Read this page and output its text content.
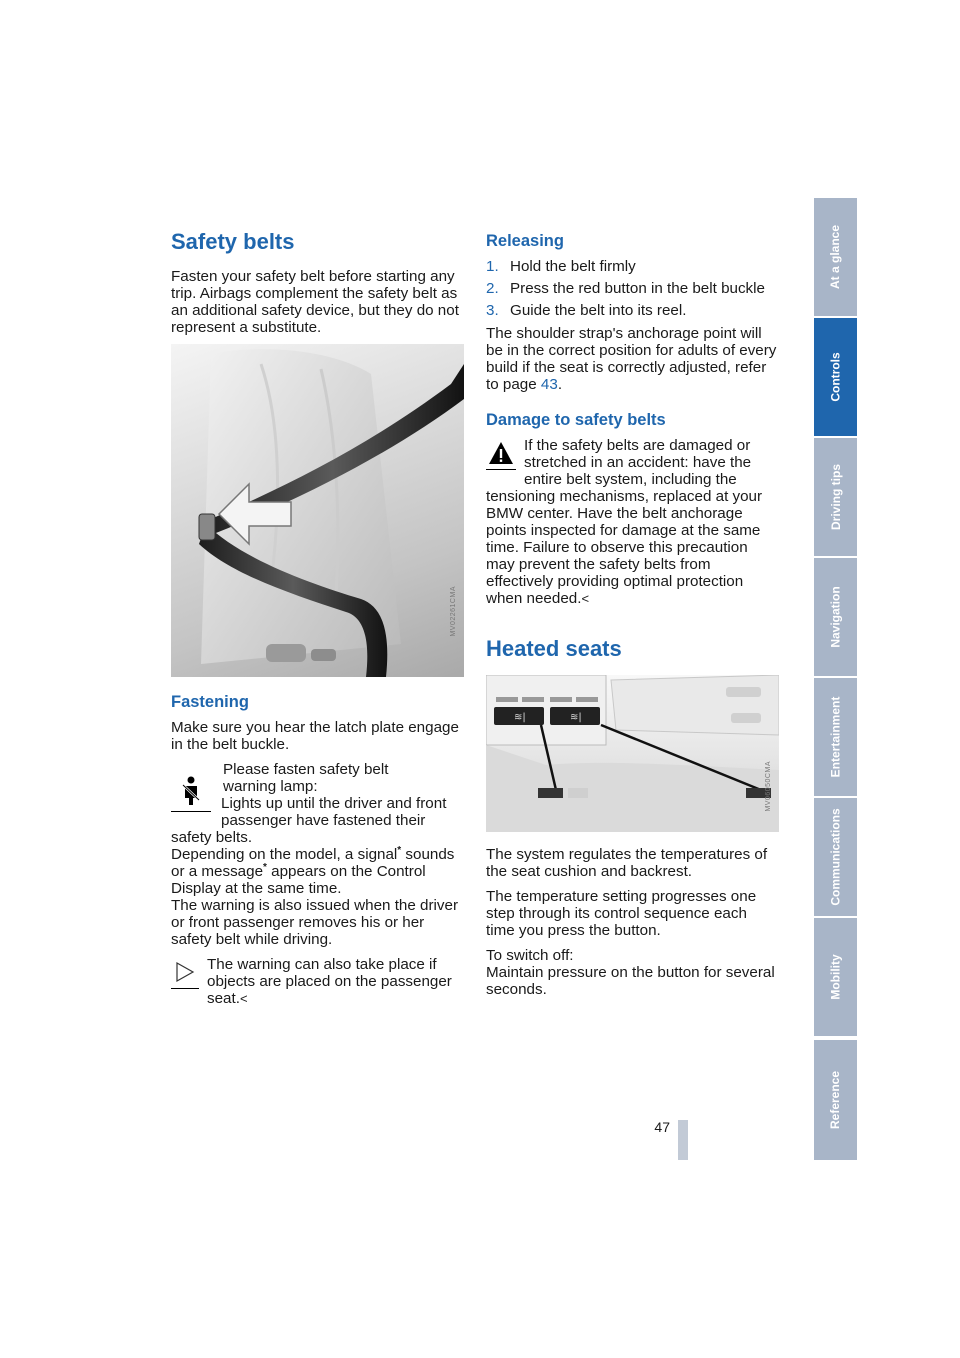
Safety belts

Fasten your safety belt before starting any trip. Airbags complement the safety belt as an additional safety device, but they do not represent a substitute.

MV02261CMA
Fastening

Make sure you hear the latch plate engage in the belt buckle.

Please fasten safety belt
warning lamp:
Lights up until the driver and front passenger have fastened their safety belts.
Depending on the model, a signal* sounds or a message* appears on the Control Display at the same time.
The warning is also issued when the driver or front passenger removes his or her safety belt while driving.
The warning can also take place if objects are placed on the passenger seat.<
Releasing
1. Hold the belt firmly
2. Press the red button in the belt buckle
3. Guide the belt into its reel.

The shoulder strap's anchorage point will be in the correct position for adults of every build if the seat is correctly adjusted, refer to page 43.

Damage to safety belts
If the safety belts are damaged or stretched in an accident: have the entire belt system, including the tensioning mechanisms, replaced at your BMW center. Have the belt anchorage points inspected for damage at the same time. Failure to observe this precaution may prevent the safety belts from effectively providing optimal protection when needed.<
Heated seats
≋|	≋|
MV06050CMA

The system regulates the temperatures of the seat cushion and backrest.

The temperature setting progresses one step through its control sequence each time you press the button.

To switch off:
Maintain pressure on the button for several seconds.

At a glance
Controls
Driving tips
Navigation
Entertainment
Communications
Mobility
Reference
47
